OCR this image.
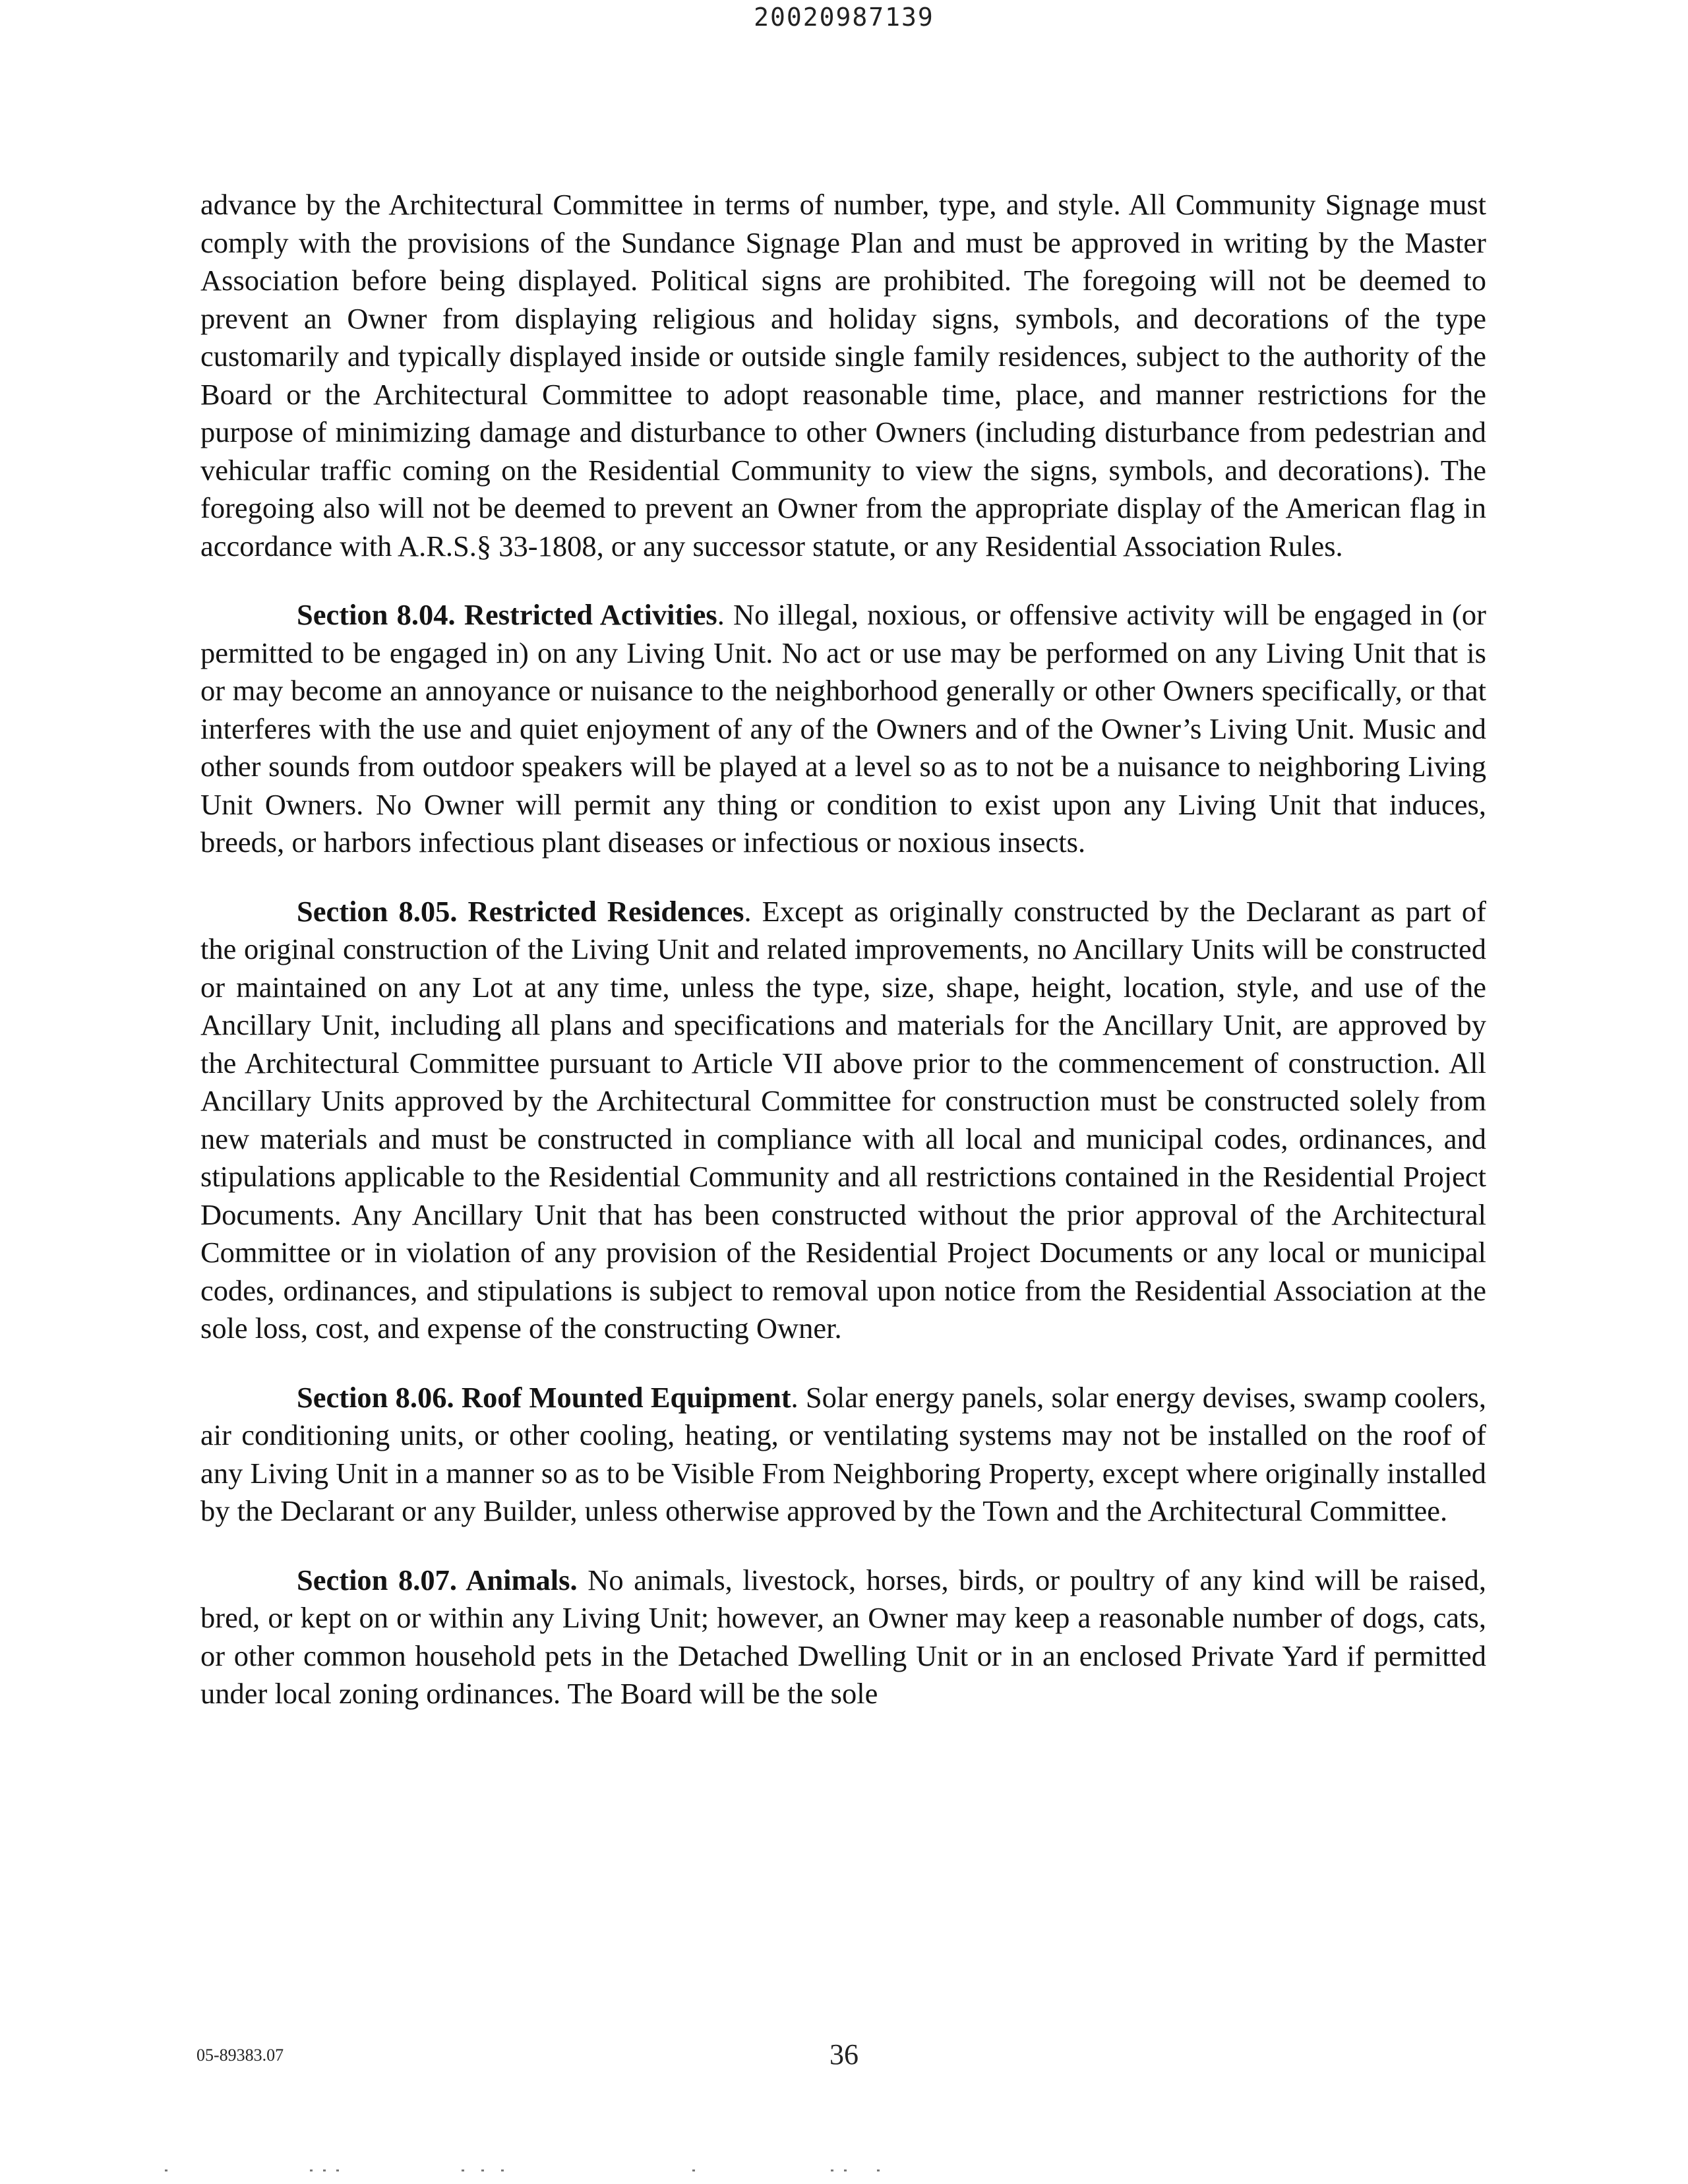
20020987139

advance by the Architectural Committee in terms of number, type, and style. All Community Signage must comply with the provisions of the Sundance Signage Plan and must be approved in writing by the Master Association before being displayed. Political signs are prohibited. The foregoing will not be deemed to prevent an Owner from displaying religious and holiday signs, symbols, and decorations of the type customarily and typically displayed inside or outside single family residences, subject to the authority of the Board or the Architectural Committee to adopt reasonable time, place, and manner restrictions for the purpose of minimizing damage and disturbance to other Owners (including disturbance from pedestrian and vehicular traffic coming on the Residential Community to view the signs, symbols, and decorations). The foregoing also will not be deemed to prevent an Owner from the appropriate display of the American flag in accordance with A.R.S.§ 33-1808, or any successor statute, or any Residential Association Rules.

Section 8.04. Restricted Activities. No illegal, noxious, or offensive activity will be engaged in (or permitted to be engaged in) on any Living Unit. No act or use may be performed on any Living Unit that is or may become an annoyance or nuisance to the neighborhood generally or other Owners specifically, or that interferes with the use and quiet enjoyment of any of the Owners and of the Owner’s Living Unit. Music and other sounds from outdoor speakers will be played at a level so as to not be a nuisance to neighboring Living Unit Owners. No Owner will permit any thing or condition to exist upon any Living Unit that induces, breeds, or harbors infectious plant diseases or infectious or noxious insects.

Section 8.05. Restricted Residences. Except as originally constructed by the Declarant as part of the original construction of the Living Unit and related improvements, no Ancillary Units will be constructed or maintained on any Lot at any time, unless the type, size, shape, height, location, style, and use of the Ancillary Unit, including all plans and specifications and materials for the Ancillary Unit, are approved by the Architectural Committee pursuant to Article VII above prior to the commencement of construction. All Ancillary Units approved by the Architectural Committee for construction must be constructed solely from new materials and must be constructed in compliance with all local and municipal codes, ordinances, and stipulations applicable to the Residential Community and all restrictions contained in the Residential Project Documents. Any Ancillary Unit that has been constructed without the prior approval of the Architectural Committee or in violation of any provision of the Residential Project Documents or any local or municipal codes, ordinances, and stipulations is subject to removal upon notice from the Residential Association at the sole loss, cost, and expense of the constructing Owner.

Section 8.06. Roof Mounted Equipment. Solar energy panels, solar energy devises, swamp coolers, air conditioning units, or other cooling, heating, or ventilating systems may not be installed on the roof of any Living Unit in a manner so as to be Visible From Neighboring Property, except where originally installed by the Declarant or any Builder, unless otherwise approved by the Town and the Architectural Committee.

Section 8.07. Animals. No animals, livestock, horses, birds, or poultry of any kind will be raised, bred, or kept on or within any Living Unit; however, an Owner may keep a reasonable number of dogs, cats, or other common household pets in the Detached Dwelling Unit or in an enclosed Private Yard if permitted under local zoning ordinances. The Board will be the sole

05-89383.07	36
